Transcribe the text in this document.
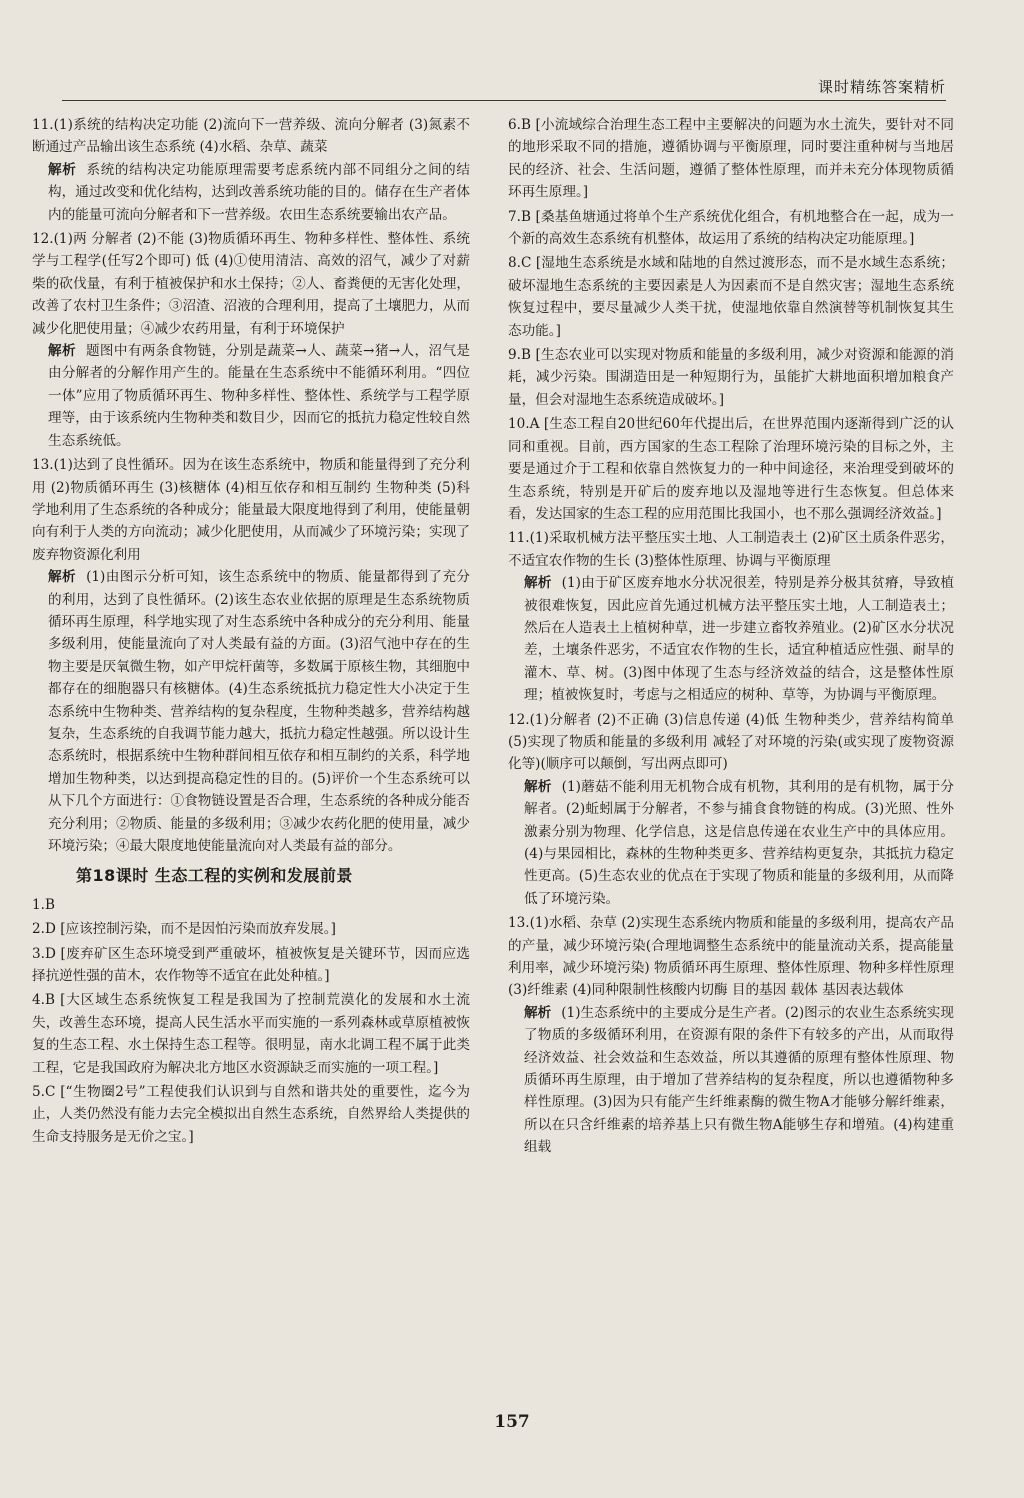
课时精练答案精析
11.(1)系统的结构决定功能 (2)流向下一营养级、流向分解者 (3)氮素不断通过产品输出该生态系统 (4)水稻、杂草、蔬菜
解析 系统的结构决定功能原理需要考虑系统内部不同组分之间的结构，通过改变和优化结构，达到改善系统功能的目的。储存在生产者体内的能量可流向分解者和下一营养级。农田生态系统要输出农产品。
12.(1)两 分解者 (2)不能 (3)物质循环再生、物种多样性、整体性、系统学与工程学(任写2个即可) 低 (4)①使用清洁、高效的沼气，减少了对薪柴的砍伐量，有利于植被保护和水土保持；②人、畜粪便的无害化处理，改善了农村卫生条件；③沼渣、沼液的合理利用，提高了土壤肥力，从而减少化肥使用量；④减少农药用量，有利于环境保护
解析 题图中有两条食物链，分别是蔬菜→人、蔬菜→猪→人，沼气是由分解者的分解作用产生的。能量在生态系统中不能循环利用。“四位一体”应用了物质循环再生、物种多样性、整体性、系统学与工程学原理等，由于该系统内生物种类和数目少，因而它的抵抗力稳定性较自然生态系统低。
13.(1)达到了良性循环。因为在该生态系统中，物质和能量得到了充分利用 (2)物质循环再生 (3)核糖体 (4)相互依存和相互制约 生物种类 (5)科学地利用了生态系统的各种成分；能量最大限度地得到了利用，使能量朝向有利于人类的方向流动；减少化肥使用，从而减少了环境污染；实现了废弃物资源化利用
解析 (1)由图示分析可知，该生态系统中的物质、能量都得到了充分的利用，达到了良性循环。(2)该生态农业依据的原理是生态系统物质循环再生原理，科学地实现了对生态系统中各种成分的充分利用、能量多级利用，使能量流向了对人类最有益的方面。(3)沼气池中存在的生物主要是厌氧微生物，如产甲烷杆菌等，多数属于原核生物，其细胞中都存在的细胞器只有核糖体。(4)生态系统抵抗力稳定性大小决定于生态系统中生物种类、营养结构的复杂程度，生物种类越多，营养结构越复杂，生态系统的自我调节能力越大，抵抗力稳定性越强。所以设计生态系统时，根据系统中生物种群间相互依存和相互制约的关系，科学地增加生物种类，以达到提高稳定性的目的。(5)评价一个生态系统可以从下几个方面进行：①食物链设置是否合理，生态系统的各种成分能否充分利用；②物质、能量的多级利用；③减少农药化肥的使用量，减少环境污染；④最大限度地使能量流向对人类最有益的部分。
第18课时 生态工程的实例和发展前景
1.B
2.D [应该控制污染，而不是因怕污染而放弃发展。]
3.D [废弃矿区生态环境受到严重破坏，植被恢复是关键环节，因而应选择抗逆性强的苗木，农作物等不适宜在此处种植。]
4.B [大区域生态系统恢复工程是我国为了控制荒漠化的发展和水土流失，改善生态环境，提高人民生活水平而实施的一系列森林或草原植被恢复的生态工程、水土保持生态工程等。很明显，南水北调工程不属于此类工程，它是我国政府为解决北方地区水资源缺乏而实施的一项工程。]
5.C [“生物圈2号”工程使我们认识到与自然和谐共处的重要性，迄今为止，人类仍然没有能力去完全模拟出自然生态系统，自然界给人类提供的生命支持服务是无价之宝。]
6.B [小流域综合治理生态工程中主要解决的问题为水土流失，要针对不同的地形采取不同的措施，遵循协调与平衡原理，同时要注重种树与当地居民的经济、社会、生活问题，遵循了整体性原理，而并未充分体现物质循环再生原理。]
7.B [桑基鱼塘通过将单个生产系统优化组合，有机地整合在一起，成为一个新的高效生态系统有机整体，故运用了系统的结构决定功能原理。]
8.C [湿地生态系统是水域和陆地的自然过渡形态，而不是水域生态系统；破坏湿地生态系统的主要因素是人为因素而不是自然灾害；湿地生态系统恢复过程中，要尽量减少人类干扰，使湿地依靠自然演替等机制恢复其生态功能。]
9.B [生态农业可以实现对物质和能量的多级利用，减少对资源和能源的消耗，减少污染。围湖造田是一种短期行为，虽能扩大耕地面积增加粮食产量，但会对湿地生态系统造成破坏。]
10.A [生态工程自20世纪60年代提出后，在世界范围内逐渐得到广泛的认同和重视。目前，西方国家的生态工程除了治理环境污染的目标之外，主要是通过介于工程和依靠自然恢复力的一种中间途径，来治理受到破坏的生态系统，特别是开矿后的废弃地以及湿地等进行生态恢复。但总体来看，发达国家的生态工程的应用范围比我国小，也不那么强调经济效益。]
11.(1)采取机械方法平整压实土地、人工制造表土 (2)矿区土质条件恶劣，不适宜农作物的生长 (3)整体性原理、协调与平衡原理
解析 (1)由于矿区废弃地水分状况很差，特别是养分极其贫瘠，导致植被很难恢复，因此应首先通过机械方法平整压实土地，人工制造表土；然后在人造表土上植树种草，进一步建立畜牧养殖业。(2)矿区水分状况差，土壤条件恶劣，不适宜农作物的生长，适宜种植适应性强、耐旱的灌木、草、树。(3)图中体现了生态与经济效益的结合，这是整体性原理；植被恢复时，考虑与之相适应的树种、草等，为协调与平衡原理。
12.(1)分解者 (2)不正确 (3)信息传递 (4)低 生物种类少，营养结构简单 (5)实现了物质和能量的多级利用 减轻了对环境的污染(或实现了废物资源化等)(顺序可以颠倒，写出两点即可)
解析 (1)蘑菇不能利用无机物合成有机物，其利用的是有机物，属于分解者。(2)蚯蚓属于分解者，不参与捕食食物链的构成。(3)光照、性外激素分别为物理、化学信息，这是信息传递在农业生产中的具体应用。(4)与果园相比，森林的生物种类更多、营养结构更复杂，其抵抗力稳定性更高。(5)生态农业的优点在于实现了物质和能量的多级利用，从而降低了环境污染。
13.(1)水稻、杂草 (2)实现生态系统内物质和能量的多级利用，提高农产品的产量，减少环境污染(合理地调整生态系统中的能量流动关系，提高能量利用率，减少环境污染) 物质循环再生原理、整体性原理、物种多样性原理 (3)纤维素 (4)同种限制性核酸内切酶 目的基因 载体 基因表达载体
解析 (1)生态系统中的主要成分是生产者。(2)图示的农业生态系统实现了物质的多级循环利用，在资源有限的条件下有较多的产出，从而取得经济效益、社会效益和生态效益，所以其遵循的原理有整体性原理、物质循环再生原理，由于增加了营养结构的复杂程度，所以也遵循物种多样性原理。(3)因为只有能产生纤维素酶的微生物A才能够分解纤维素，所以在只含纤维素的培养基上只有微生物A能够生存和增殖。(4)构建重组载
157
